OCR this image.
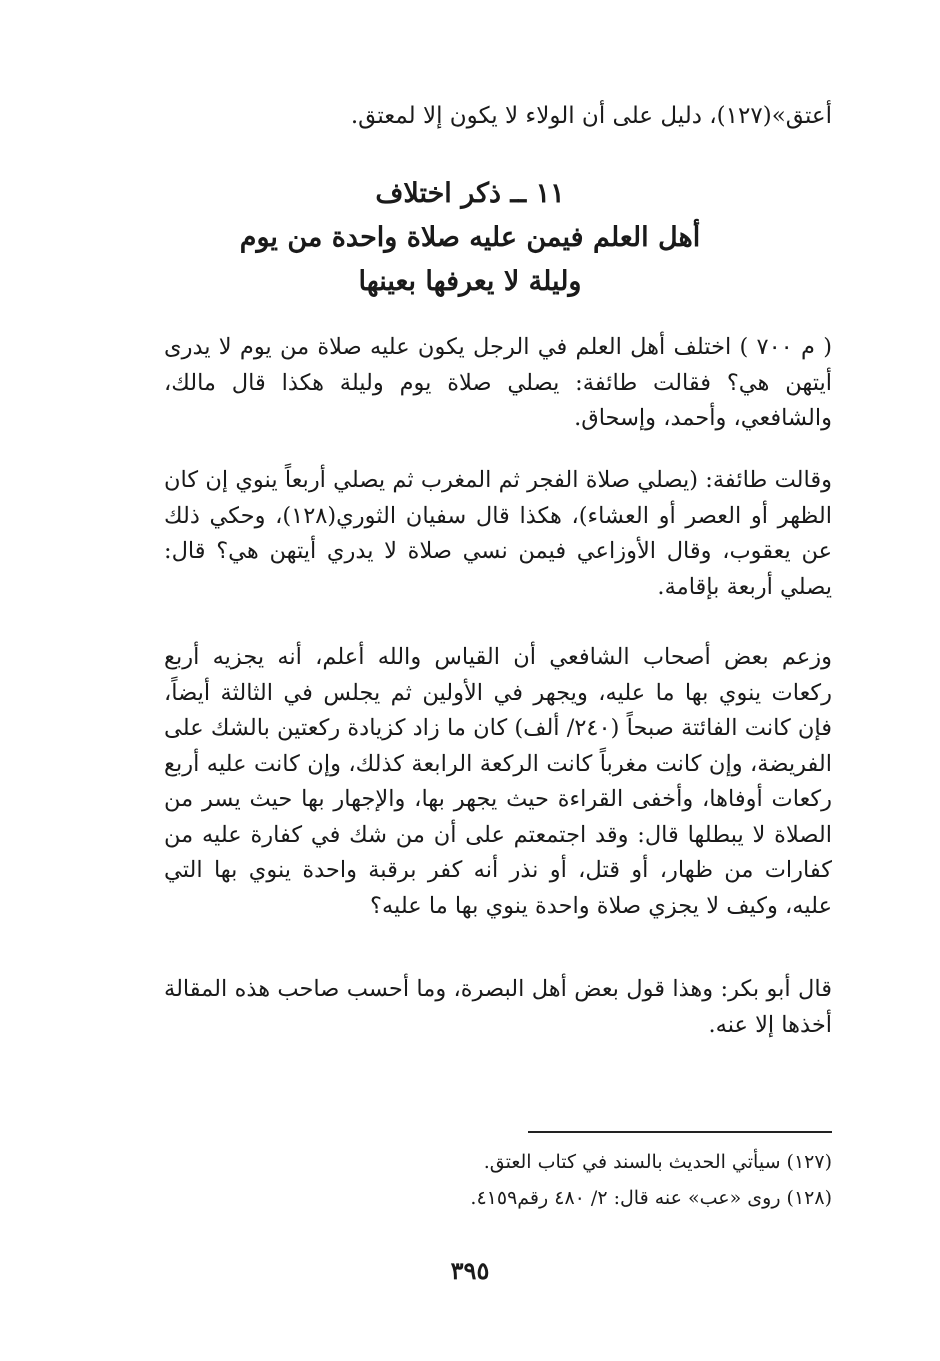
أعتق»(١٢٧)، دليل على أن الولاء لا يكون إلا لمعتق.
١١ ــ ذكر اختلاف
أهل العلم فيمن عليه صلاة واحدة من يوم
وليلة لا يعرفها بعينها

( م ٧٠٠ ) اختلف أهل العلم في الرجل يكون عليه صلاة من يوم لا يدرى أيتهن هي؟ فقالت طائفة: يصلي صلاة يوم وليلة هكذا قال مالك، والشافعي، وأحمد، وإسحاق.

وقالت طائفة: (يصلي صلاة الفجر ثم المغرب ثم يصلي أربعاً ينوي إن كان الظهر أو العصر أو العشاء)، هكذا قال سفيان الثوري(١٢٨)، وحكي ذلك عن يعقوب، وقال الأوزاعي فيمن نسي صلاة لا يدري أيتهن هي؟ قال: يصلي أربعة بإقامة.

وزعم بعض أصحاب الشافعي أن القياس والله أعلم، أنه يجزيه أربع ركعات ينوي بها ما عليه، ويجهر في الأولين ثم يجلس في الثالثة أيضاً، فإن كانت الفائتة صبحاً (٢٤٠/ ألف) كان ما زاد كزيادة ركعتين بالشك على الفريضة، وإن كانت مغرباً كانت الركعة الرابعة كذلك، وإن كانت عليه أربع ركعات أوفاها، وأخفى القراءة حيث يجهر بها، والإجهار بها حيث يسر من الصلاة لا يبطلها قال: وقد اجتمعتم على أن من شك في كفارة عليه من كفارات من ظهار، أو قتل، أو نذر أنه كفر برقبة واحدة ينوي بها التي عليه، وكيف لا يجزي صلاة واحدة ينوي بها ما عليه؟

قال أبو بكر: وهذا قول بعض أهل البصرة، وما أحسب صاحب هذه المقالة أخذها إلا عنه.

(١٢٧) سيأتي الحديث بالسند في كتاب العتق.
(١٢٨) روى «عب» عنه قال: ٢/ ٤٨٠ رقم٤١٥٩.
٣٩٥
